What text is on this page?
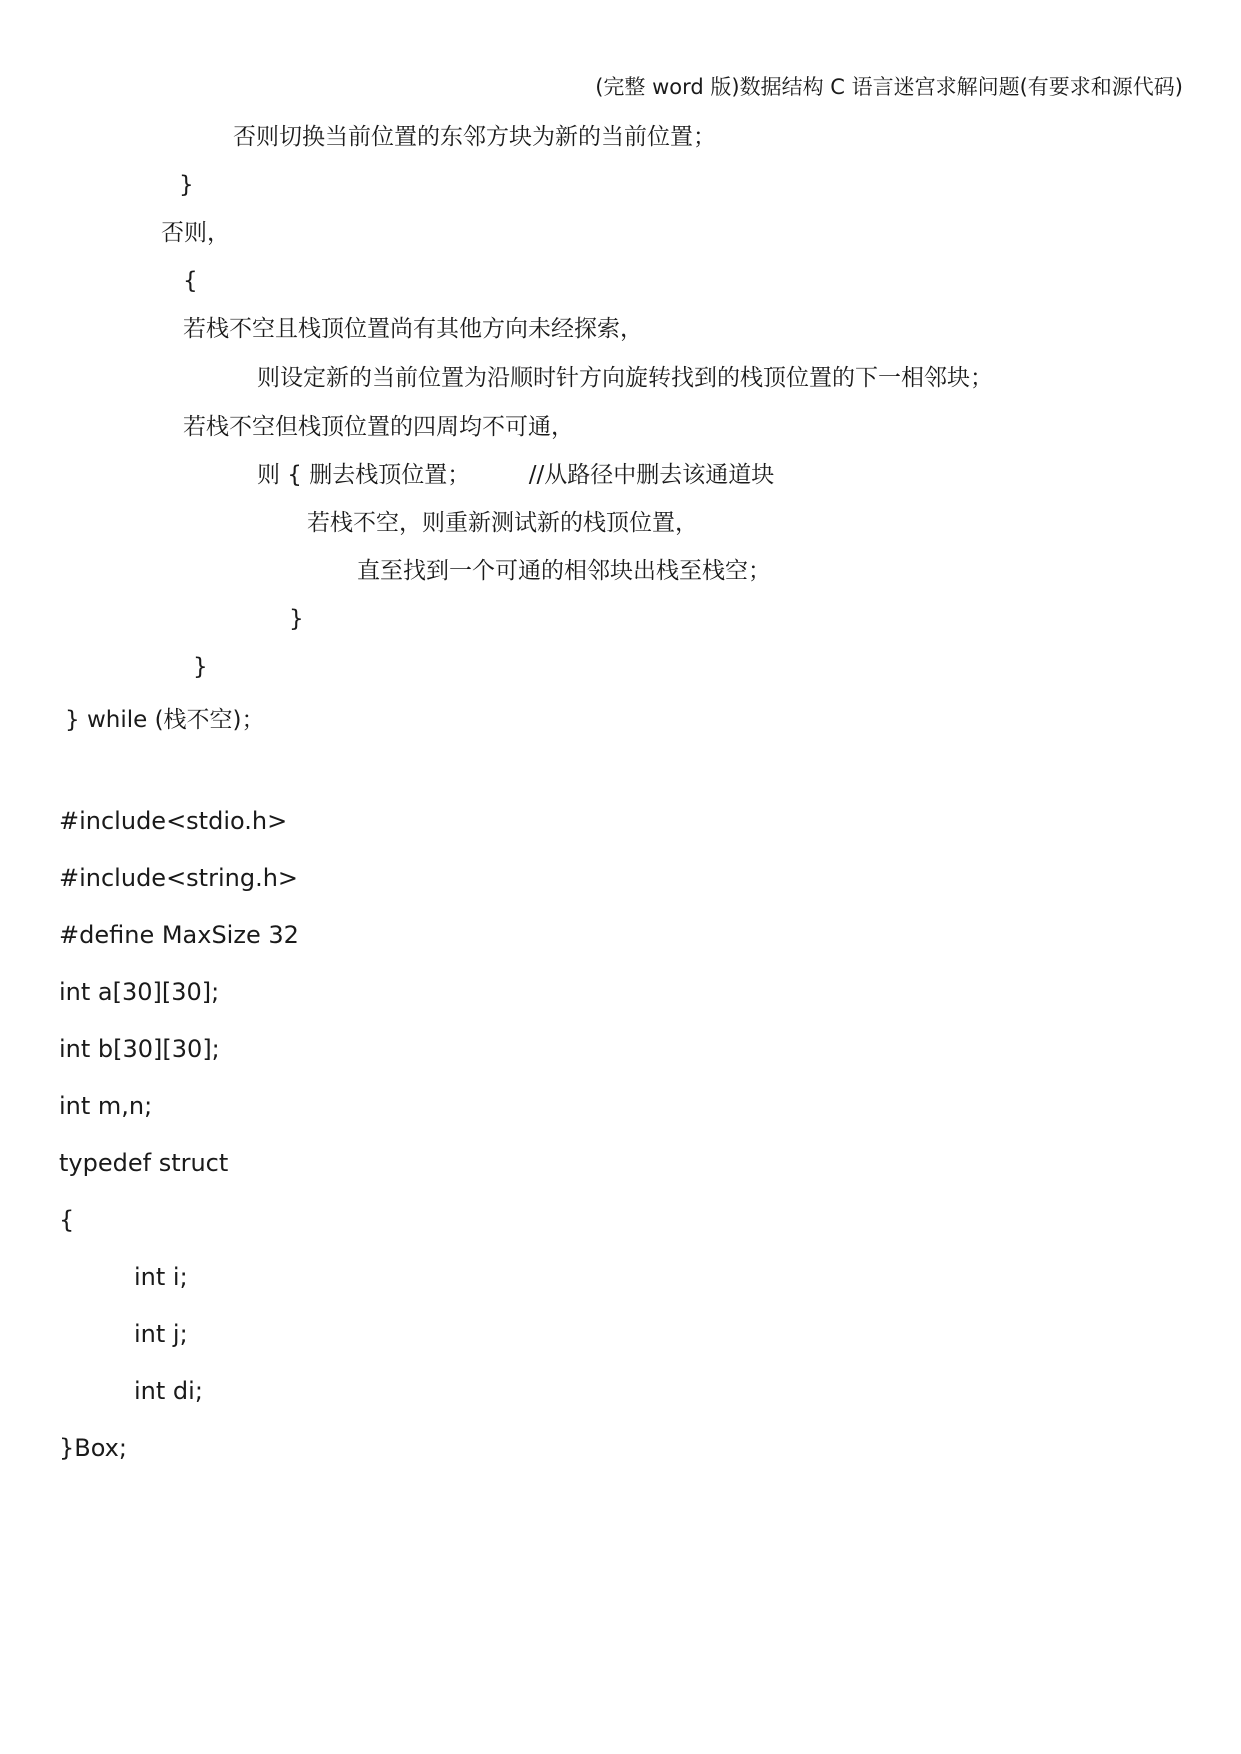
(完整 word 版)数据结构 C 语言迷宫求解问题(有要求和源代码)
否则切换当前位置的东邻方块为新的当前位置；
}
否则，
{
若栈不空且栈顶位置尚有其他方向未经探索，
则设定新的当前位置为沿顺时针方向旋转找到的栈顶位置的下一相邻块；
若栈不空但栈顶位置的四周均不可通，
则 { 删去栈顶位置；        //从路径中删去该通道块
若栈不空，则重新测试新的栈顶位置，
直至找到一个可通的相邻块出栈至栈空；
}
}
} while (栈不空)；
#include<stdio.h>
#include<string.h>
#define MaxSize 32
int a[30][30];
int b[30][30];
int m,n;
typedef struct
{
int i;
int j;
int di;
}Box;
